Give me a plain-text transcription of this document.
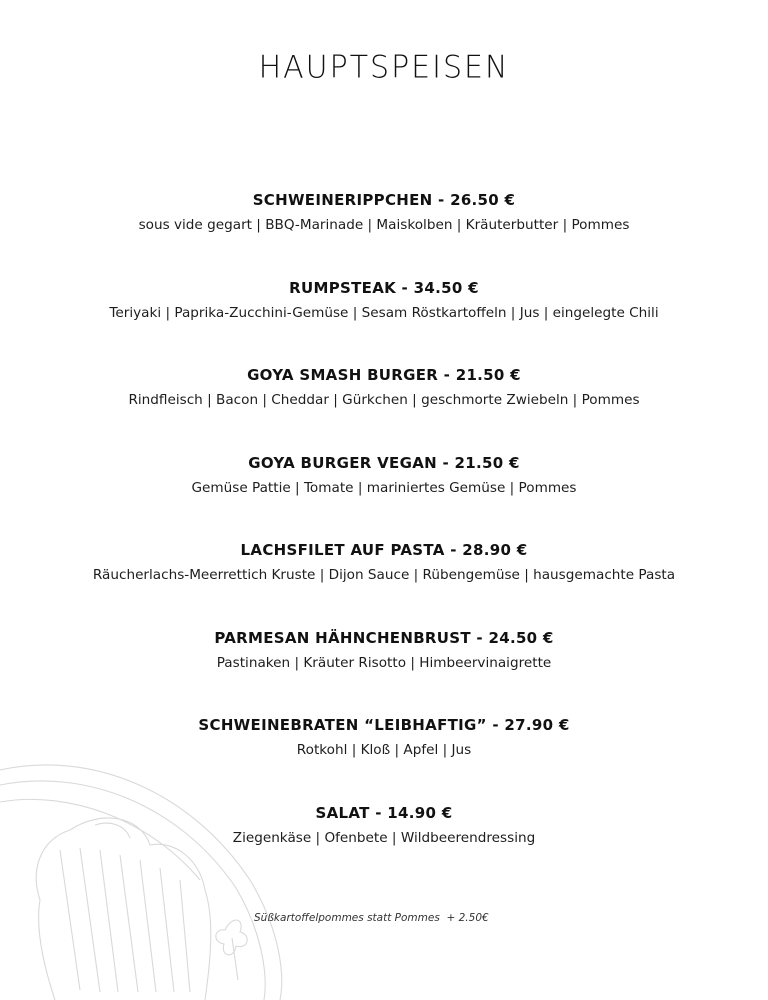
HAUPTSPEISEN
SCHWEINERIPPCHEN - 26.50 €
sous vide gegart | BBQ-Marinade | Maiskolben | Kräuterbutter | Pommes
RUMPSTEAK - 34.50 €
Teriyaki | Paprika-Zucchini-Gemüse | Sesam Röstkartoffeln | Jus | eingelegte Chili
GOYA SMASH BURGER - 21.50 €
Rindfleisch | Bacon | Cheddar | Gürkchen | geschmorte Zwiebeln | Pommes
GOYA BURGER VEGAN - 21.50 €
Gemüse Pattie | Tomate | mariniertes Gemüse | Pommes
LACHSFILET AUF PASTA - 28.90 €
Räucherlachs-Meerrettich Kruste | Dijon Sauce | Rübengemüse | hausgemachte Pasta
PARMESAN HÄHNCHENBRUST - 24.50 €
Pastinaken | Kräuter Risotto | Himbeervinaigrette
SCHWEINEBRATEN “LEIBHAFTIG” - 27.90 €
Rotkohl | Kloß | Apfel | Jus
SALAT - 14.90 €
Ziegenkäse | Ofenbete | Wildbeerendressing
Süßkartoffelpommes statt Pommes  + 2.50€
